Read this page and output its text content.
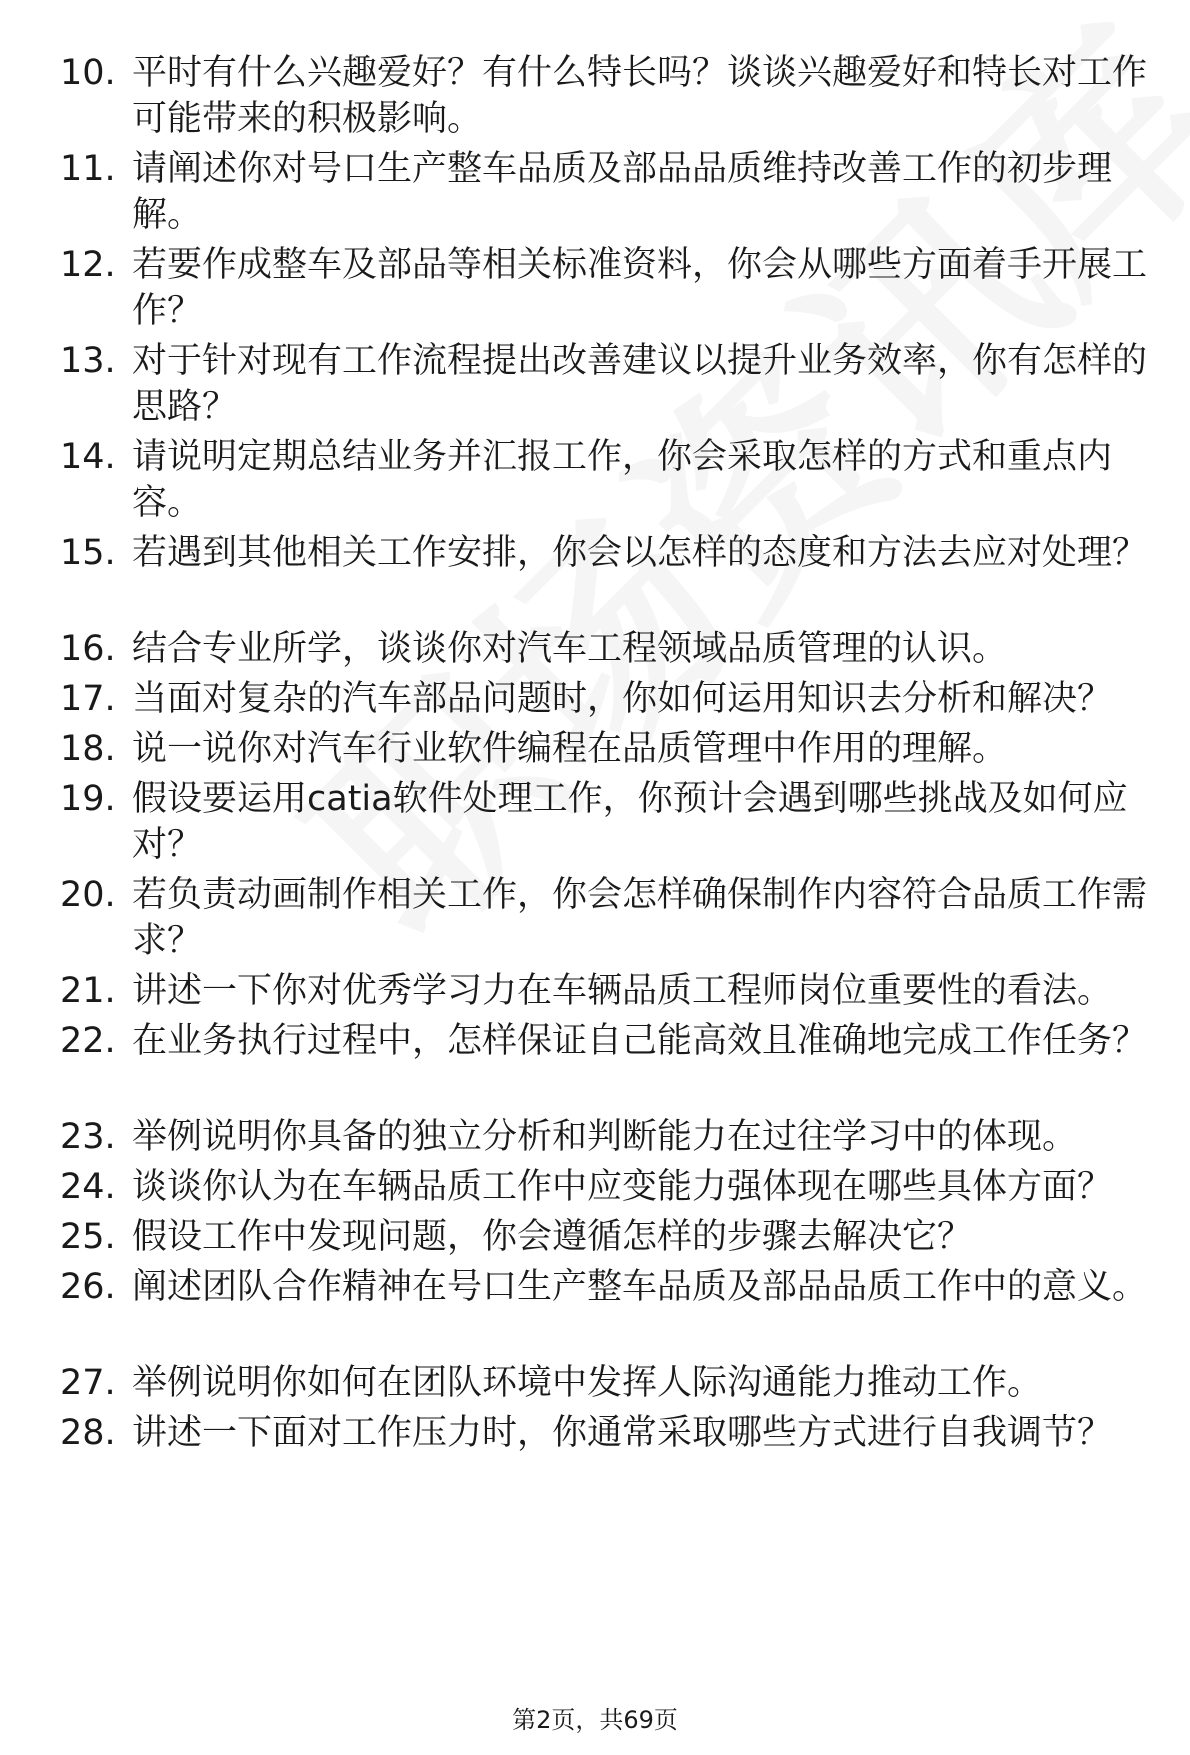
10. 平时有什么兴趣爱好？有什么特长吗？谈谈兴趣爱好和特长对工作可能带来的积极影响。
11. 请阐述你对号口生产整车品质及部品品质维持改善工作的初步理解。
12. 若要作成整车及部品等相关标准资料，你会从哪些方面着手开展工作？
13. 对于针对现有工作流程提出改善建议以提升业务效率，你有怎样的思路？
14. 请说明定期总结业务并汇报工作，你会采取怎样的方式和重点内容。
15. 若遇到其他相关工作安排，你会以怎样的态度和方法去应对处理？
16. 结合专业所学，谈谈你对汽车工程领域品质管理的认识。
17. 当面对复杂的汽车部品问题时，你如何运用知识去分析和解决？
18. 说一说你对汽车行业软件编程在品质管理中作用的理解。
19. 假设要运用catia软件处理工作，你预计会遇到哪些挑战及如何应对？
20. 若负责动画制作相关工作，你会怎样确保制作内容符合品质工作需求？
21. 讲述一下你对优秀学习力在车辆品质工程师岗位重要性的看法。
22. 在业务执行过程中，怎样保证自己能高效且准确地完成工作任务？
23. 举例说明你具备的独立分析和判断能力在过往学习中的体现。
24. 谈谈你认为在车辆品质工作中应变能力强体现在哪些具体方面？
25. 假设工作中发现问题，你会遵循怎样的步骤去解决它？
26. 阐述团队合作精神在号口生产整车品质及部品品质工作中的意义。
27. 举例说明你如何在团队环境中发挥人际沟通能力推动工作。
28. 讲述一下面对工作压力时，你通常采取哪些方式进行自我调节？
第2页，共69页
